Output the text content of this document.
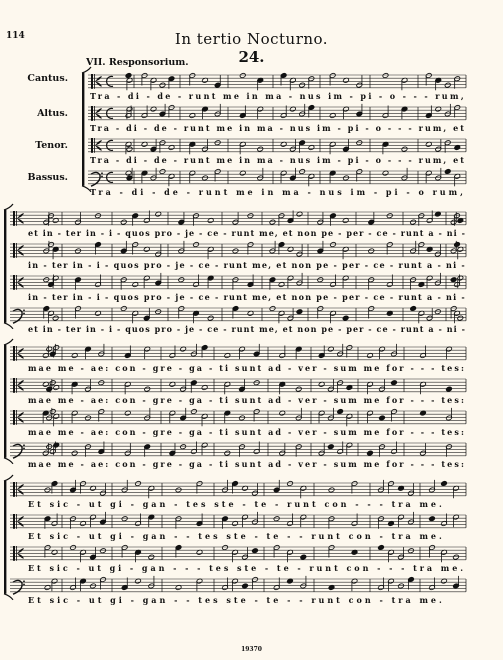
114	In tertio Nocturno.
24.
VII. Responsorium.
Cantus.
Altus.
Tenor.
Bassus.
Tra - di - de - runt me in ma - nus im - pi - o - - - rum,
Tra - di - de - runt me in ma - nus im - pi - o - - - rum, et
Tra - di - de - runt me in ma - nus im - pi - o - - - rum, et
Tra - di - de - runt me in ma - nus im - pi - o rum,
et in - ter in - i - quos pro - je - ce - runt me, et non pe - per - ce - runt a - ni -
in - ter in - i - quos pro - je - ce - runt me, et non pe - per - ce - runt a - ni -
in - ter in - i - quos pro - je - ce - runt me, et non pe - per - ce - runt a - ni -
et in - ter in - i - quos pro - je - ce - runt me, et non pe - per - ce - runt a - ni -
mae me - ae: con - gre - ga - ti sunt ad - ver - sum me for - - - tes:
mae me - ae: con - gre - ga - ti sunt ad - ver - sum me for - - - tes:
mae me - ae: con - gre - ga - ti sunt ad - ver - sum me for - - - tes:
mae me - ae: con - gre - ga - ti sunt ad - ver - sum me for - - - tes:
Et sic - ut gi - gan - tes ste - te - runt con - - - tra me.
Et sic - ut gi - gan - - tes ste - te - - runt con - tra me.
Et sic - ut gi - gan - - - tes ste - te - runt con - - - tra me.
Et sic - ut gi - gan - - tes ste - te - - runt con - tra me.
19370
